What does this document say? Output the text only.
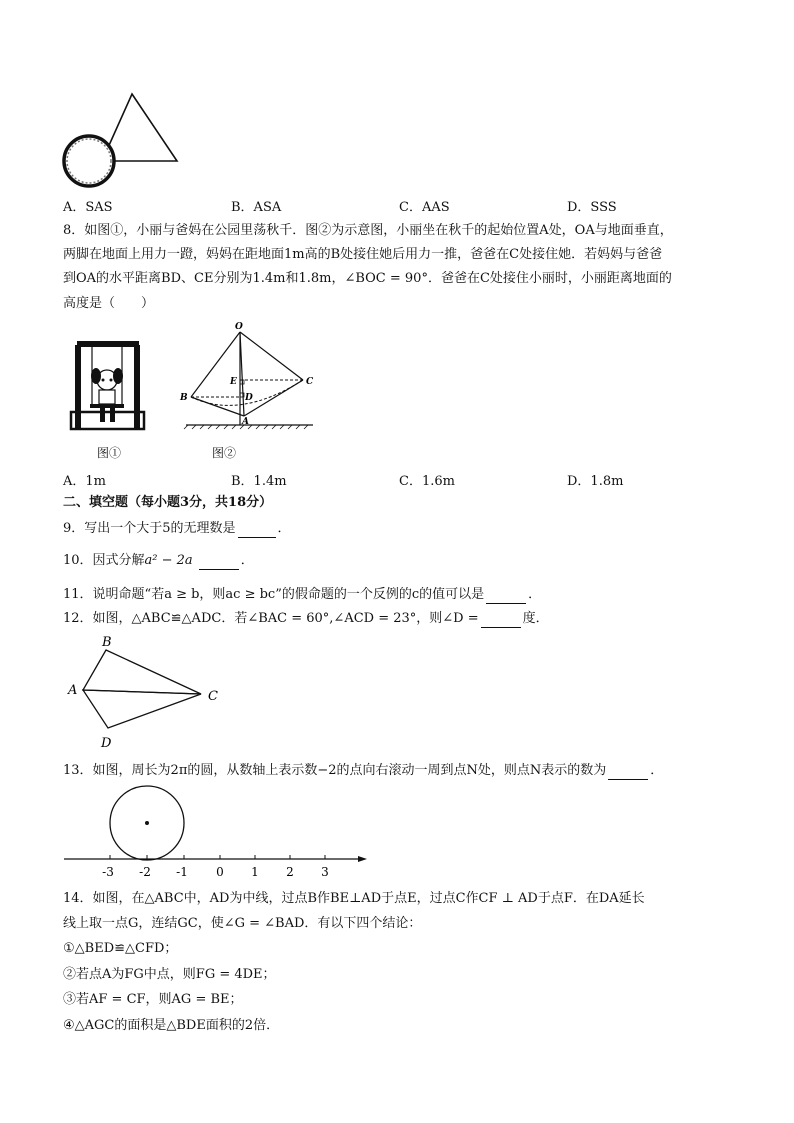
A．SAS	B．ASA	C．AAS	D．SSS
8．如图①，小丽与爸妈在公园里荡秋千．图②为示意图，小丽坐在秋千的起始位置A处，OA与地面垂直，
两脚在地面上用力一蹬，妈妈在距地面1m高的B处接住她后用力一推，爸爸在C处接住她．若妈妈与爸爸
到OA的水平距离BD、CE分别为1.4m和1.8m，∠BOC = 90°．爸爸在C处接住小丽时，小丽距离地面的
高度是（　　）
图①
O
E	C
B	D
A
图②
A．1m	B．1.4m	C．1.6m	D．1.8m
二、填空题（每小题3分，共18分）
9．写出一个大于5的无理数是	．
10．因式分解a² − 2a	．
11．说明命题“若a ≥ b，则ac ≥ bc”的假命题的一个反例的c的值可以是	．
12．如图，△ABC≌△ADC．若∠BAC = 60°,∠ACD = 23°，则∠D =	度．
B
A	C
D
13．如图，周长为2π的圆，从数轴上表示数−2的点向右滚动一周到点N处，则点N表示的数为	．
-3 -2 -1 0 1 2 3
14．如图，在△ABC中，AD为中线，过点B作BE⊥AD于点E，过点C作CF ⊥ AD于点F．在DA延长
线上取一点G，连结GC，使∠G = ∠BAD．有以下四个结论：
①△BED≌△CFD；
②若点A为FG中点，则FG = 4DE；
③若AF = CF，则AG = BE；
④△AGC的面积是△BDE面积的2倍．
